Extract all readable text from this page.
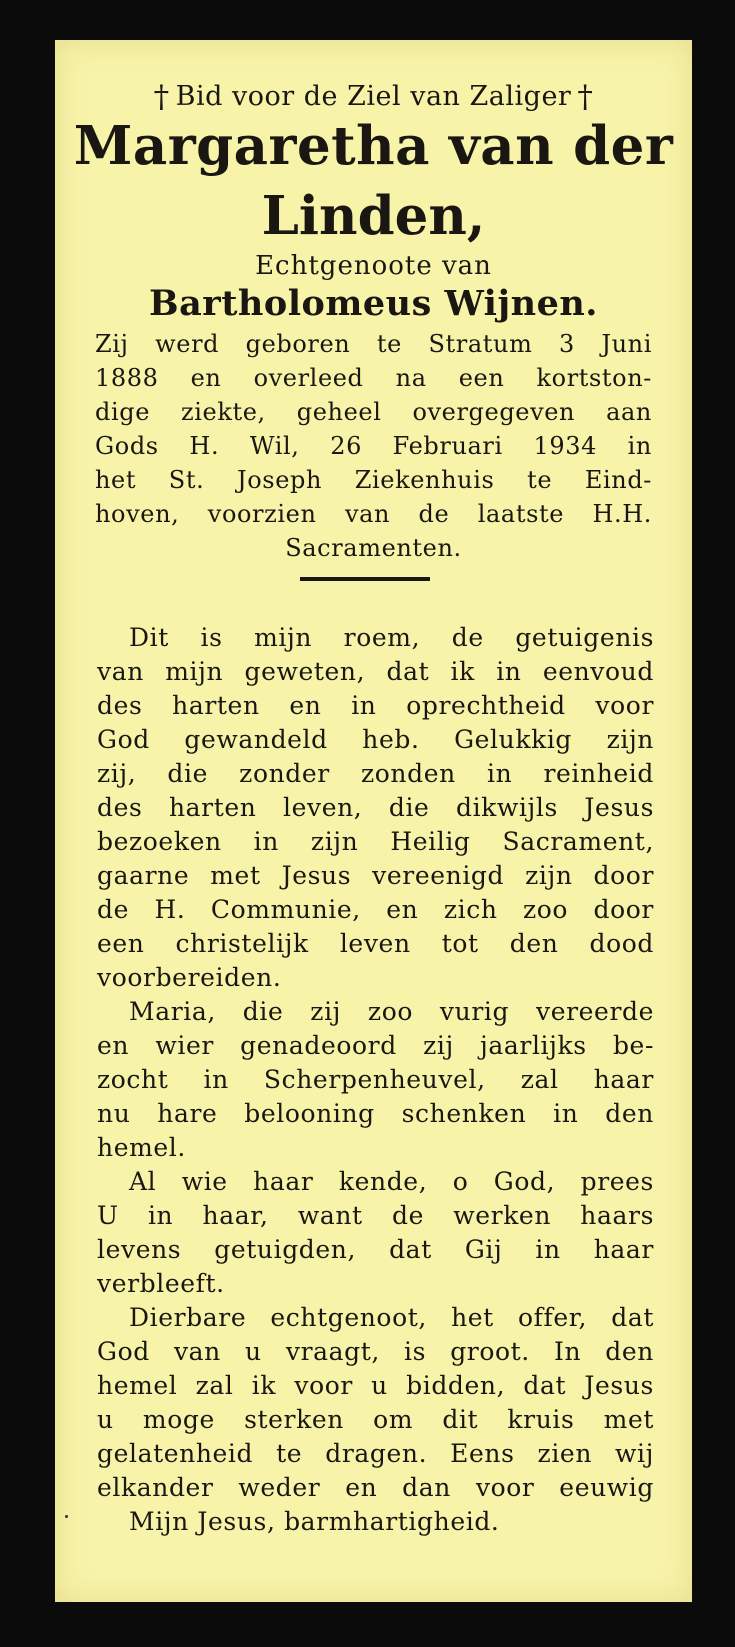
† Bid voor de Ziel van Zaliger †
Margaretha van der
Linden,
Echtgenoote van
Bartholomeus Wijnen.
Zij werd geboren te Stratum 3 Juni
1888 en overleed na een kortston-
dige ziekte, geheel overgegeven aan
Gods H. Wil, 26 Februari 1934 in
het St. Joseph Ziekenhuis te Eind-
hoven, voorzien van de laatste H.H.
Sacramenten.
Dit is mijn roem, de getuigenis
van mijn geweten, dat ik in eenvoud
des harten en in oprechtheid voor
God gewandeld heb. Gelukkig zijn
zij, die zonder zonden in reinheid
des harten leven, die dikwijls Jesus
bezoeken in zijn Heilig Sacrament,
gaarne met Jesus vereenigd zijn door
de H. Communie, en zich zoo door
een christelijk leven tot den dood
voorbereiden.
Maria, die zij zoo vurig vereerde
en wier genadeoord zij jaarlijks be-
zocht in Scherpenheuvel, zal haar
nu hare belooning schenken in den
hemel.
Al wie haar kende, o God, prees
U in haar, want de werken haars
levens getuigden, dat Gij in haar
verbleeft.
Dierbare echtgenoot, het offer, dat
God van u vraagt, is groot. In den
hemel zal ik voor u bidden, dat Jesus
u moge sterken om dit kruis met
gelatenheid te dragen. Eens zien wij
elkander weder en dan voor eeuwig
Mijn Jesus, barmhartigheid.
